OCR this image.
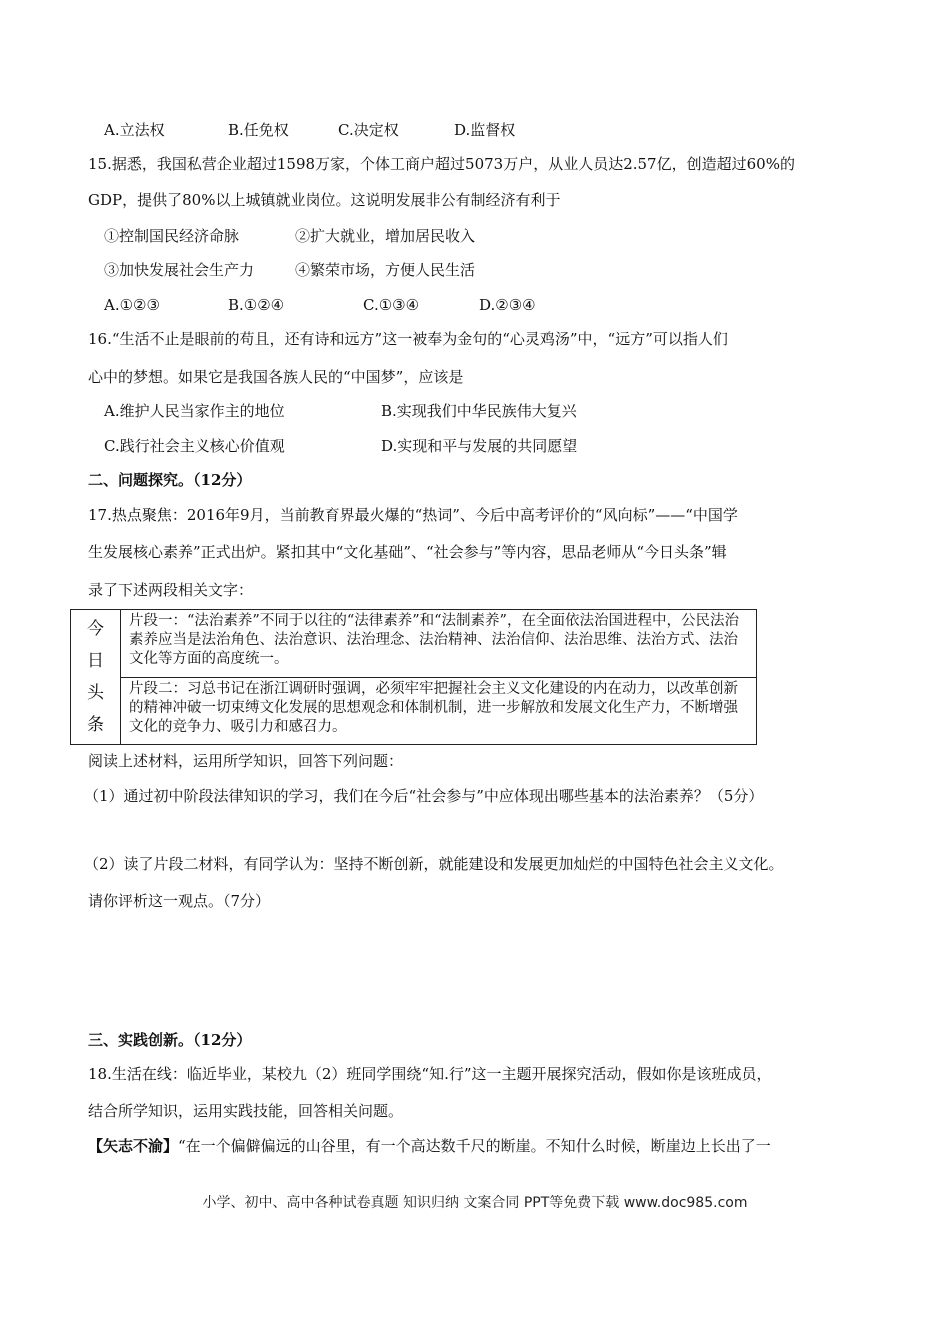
A.立法权	B.任免权	C.决定权	D.监督权
15.据悉，我国私营企业超过1598万家，个体工商户超过5073万户，从业人员达2.57亿，创造超过60%的
GDP，提供了80%以上城镇就业岗位。这说明发展非公有制经济有利于
①控制国民经济命脉	②扩大就业，增加居民收入
③加快发展社会生产力	④繁荣市场，方便人民生活
A.①②③	B.①②④	C.①③④	D.②③④
16.“生活不止是眼前的苟且，还有诗和远方”这一被奉为金句的“心灵鸡汤”中，“远方”可以指人们
心中的梦想。如果它是我国各族人民的“中国梦”，应该是
A.维护人民当家作主的地位	B.实现我们中华民族伟大复兴
C.践行社会主义核心价值观	D.实现和平与发展的共同愿望
二、问题探究。（12分）
17.热点聚焦：2016年9月，当前教育界最火爆的“热词”、今后中高考评价的“风向标”——“中国学
生发展核心素养”正式出炉。紧扣其中“文化基础”、“社会参与”等内容，思品老师从“今日头条”辑
录了下述两段相关文字：
今
日
头
条	片段一：“法治素养”不同于以往的“法律素养”和“法制素养”，在全面依法治国进程中，公民法治素养应当是法治角色、法治意识、法治理念、法治精神、法治信仰、法治思维、法治方式、法治文化等方面的高度统一。
片段二：习总书记在浙江调研时强调，必须牢牢把握社会主义文化建设的内在动力，以改革创新的精神冲破一切束缚文化发展的思想观念和体制机制，进一步解放和发展文化生产力，不断增强文化的竞争力、吸引力和感召力。
阅读上述材料，运用所学知识，回答下列问题：
（1）通过初中阶段法律知识的学习，我们在今后“社会参与”中应体现出哪些基本的法治素养？（5分）
（2）读了片段二材料，有同学认为：坚持不断创新，就能建设和发展更加灿烂的中国特色社会主义文化。
请你评析这一观点。（7分）
三、实践创新。（12分）
18.生活在线：临近毕业，某校九（2）班同学围绕“知.行”这一主题开展探究活动，假如你是该班成员，
结合所学知识，运用实践技能，回答相关问题。
【矢志不渝】“在一个偏僻偏远的山谷里，有一个高达数千尺的断崖。不知什么时候，断崖边上长出了一
小学、初中、高中各种试卷真题 知识归纳 文案合同 PPT等免费下载 www.doc985.com
